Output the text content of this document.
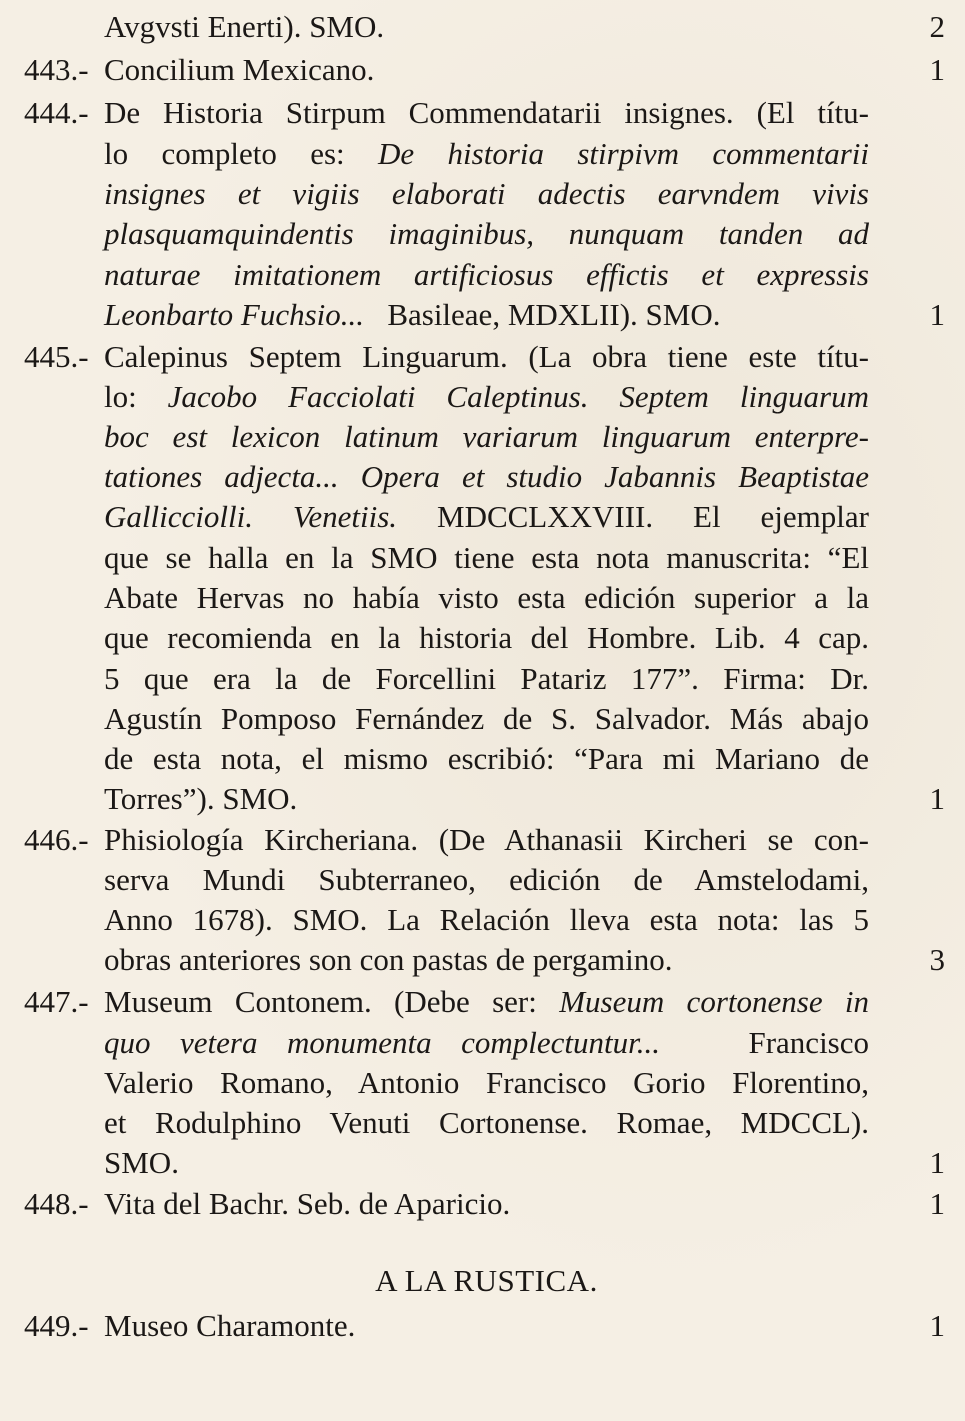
Avgvsti Enerti). SMO.	2
443.- Concilium Mexicano.	1
444.- De Historia Stirpum Commendatarii insignes. (El títu-
lo completo es: De historia stirpivm commentarii
insignes et vigiis elaborati adectis earvndem vivis
plasquamquindentis imaginibus, nunquam tanden ad
naturae imitationem artificiosus effictis et expressis
Leonbarto Fuchsio... Basileae, MDXLII). SMO.	1
445.- Calepinus Septem Linguarum. (La obra tiene este títu-
lo: Jacobo Facciolati Caleptinus. Septem linguarum
boc est lexicon latinum variarum linguarum enterpre-
tationes adjecta... Opera et studio Jabannis Beaptistae
Gallicciolli. Venetiis. MDCCLXXVIII. El ejemplar
que se halla en la SMO tiene esta nota manuscrita: “El
Abate Hervas no había visto esta edición superior a la
que recomienda en la historia del Hombre. Lib. 4 cap.
5 que era la de Forcellini Patariz 177”. Firma: Dr.
Agustín Pomposo Fernández de S. Salvador. Más abajo
de esta nota, el mismo escribió: “Para mi Mariano de
Torres”). SMO.	1
446.- Phisiología Kircheriana. (De Athanasii Kircheri se con-
serva Mundi Subterraneo, edición de Amstelodami,
Anno 1678). SMO. La Relación lleva esta nota: las 5
obras anteriores son con pastas de pergamino.	3
447.- Museum Contonem. (Debe ser: Museum cortonense in
quo vetera monumenta complectuntur...	Francisco
Valerio Romano, Antonio Francisco Gorio Florentino,
et Rodulphino Venuti Cortonense. Romae, MDCCL).
SMO.	1
448.- Vita del Bachr. Seb. de Aparicio.	1
A LA RUSTICA.
449.- Museo Charamonte.	1
